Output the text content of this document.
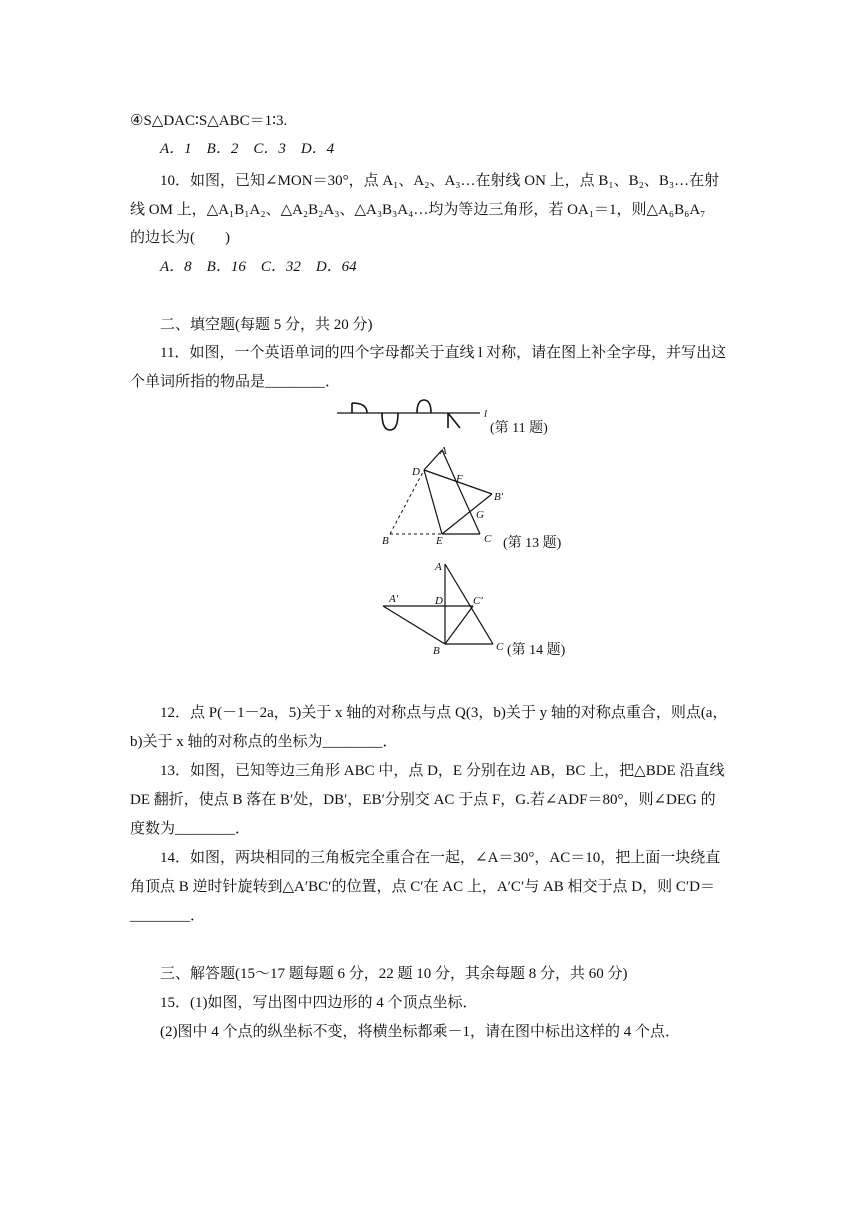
④S△DAC∶S△ABC＝1∶3.
A．1　B．2　C．3　D．4
10．如图，已知∠MON＝30°，点 A₁、A₂、A₃…在射线 ON 上，点 B₁、B₂、B₃…在射
线 OM 上，△A₁B₁A₂、△A₂B₂A₃、△A₃B₃A₄…均为等边三角形，若 OA₁＝1，则△A₆B₆A₇
的边长为(　　)
A．8　B．16　C．32　D．64
二、填空题(每题 5 分，共 20 分)
11．如图，一个英语单词的四个字母都关于直线 l 对称，请在图上补全字母，并写出这
个单词所指的物品是________．
l
(第 11 题)
A
D
F
B′
G
B	E	C (第 13 题)
A
A′	D	C′
B	C (第 14 题)
12．点 P(－1－2a，5)关于 x 轴的对称点与点 Q(3，b)关于 y 轴的对称点重合，则点(a，
b)关于 x 轴的对称点的坐标为________．
13．如图，已知等边三角形 ABC 中，点 D，E 分别在边 AB，BC 上，把△BDE 沿直线
DE 翻折，使点 B 落在 B′处，DB′，EB′分别交 AC 于点 F，G.若∠ADF＝80°，则∠DEG 的
度数为________．
14．如图，两块相同的三角板完全重合在一起，∠A＝30°，AC＝10，把上面一块绕直
角顶点 B 逆时针旋转到△A′BC′的位置，点 C′在 AC 上，A′C′与 AB 相交于点 D，则 C′D＝
________．
三、解答题(15～17 题每题 6 分，22 题 10 分，其余每题 8 分，共 60 分)
15．(1)如图，写出图中四边形的 4 个顶点坐标．
(2)图中 4 个点的纵坐标不变，将横坐标都乘－1，请在图中标出这样的 4 个点．
